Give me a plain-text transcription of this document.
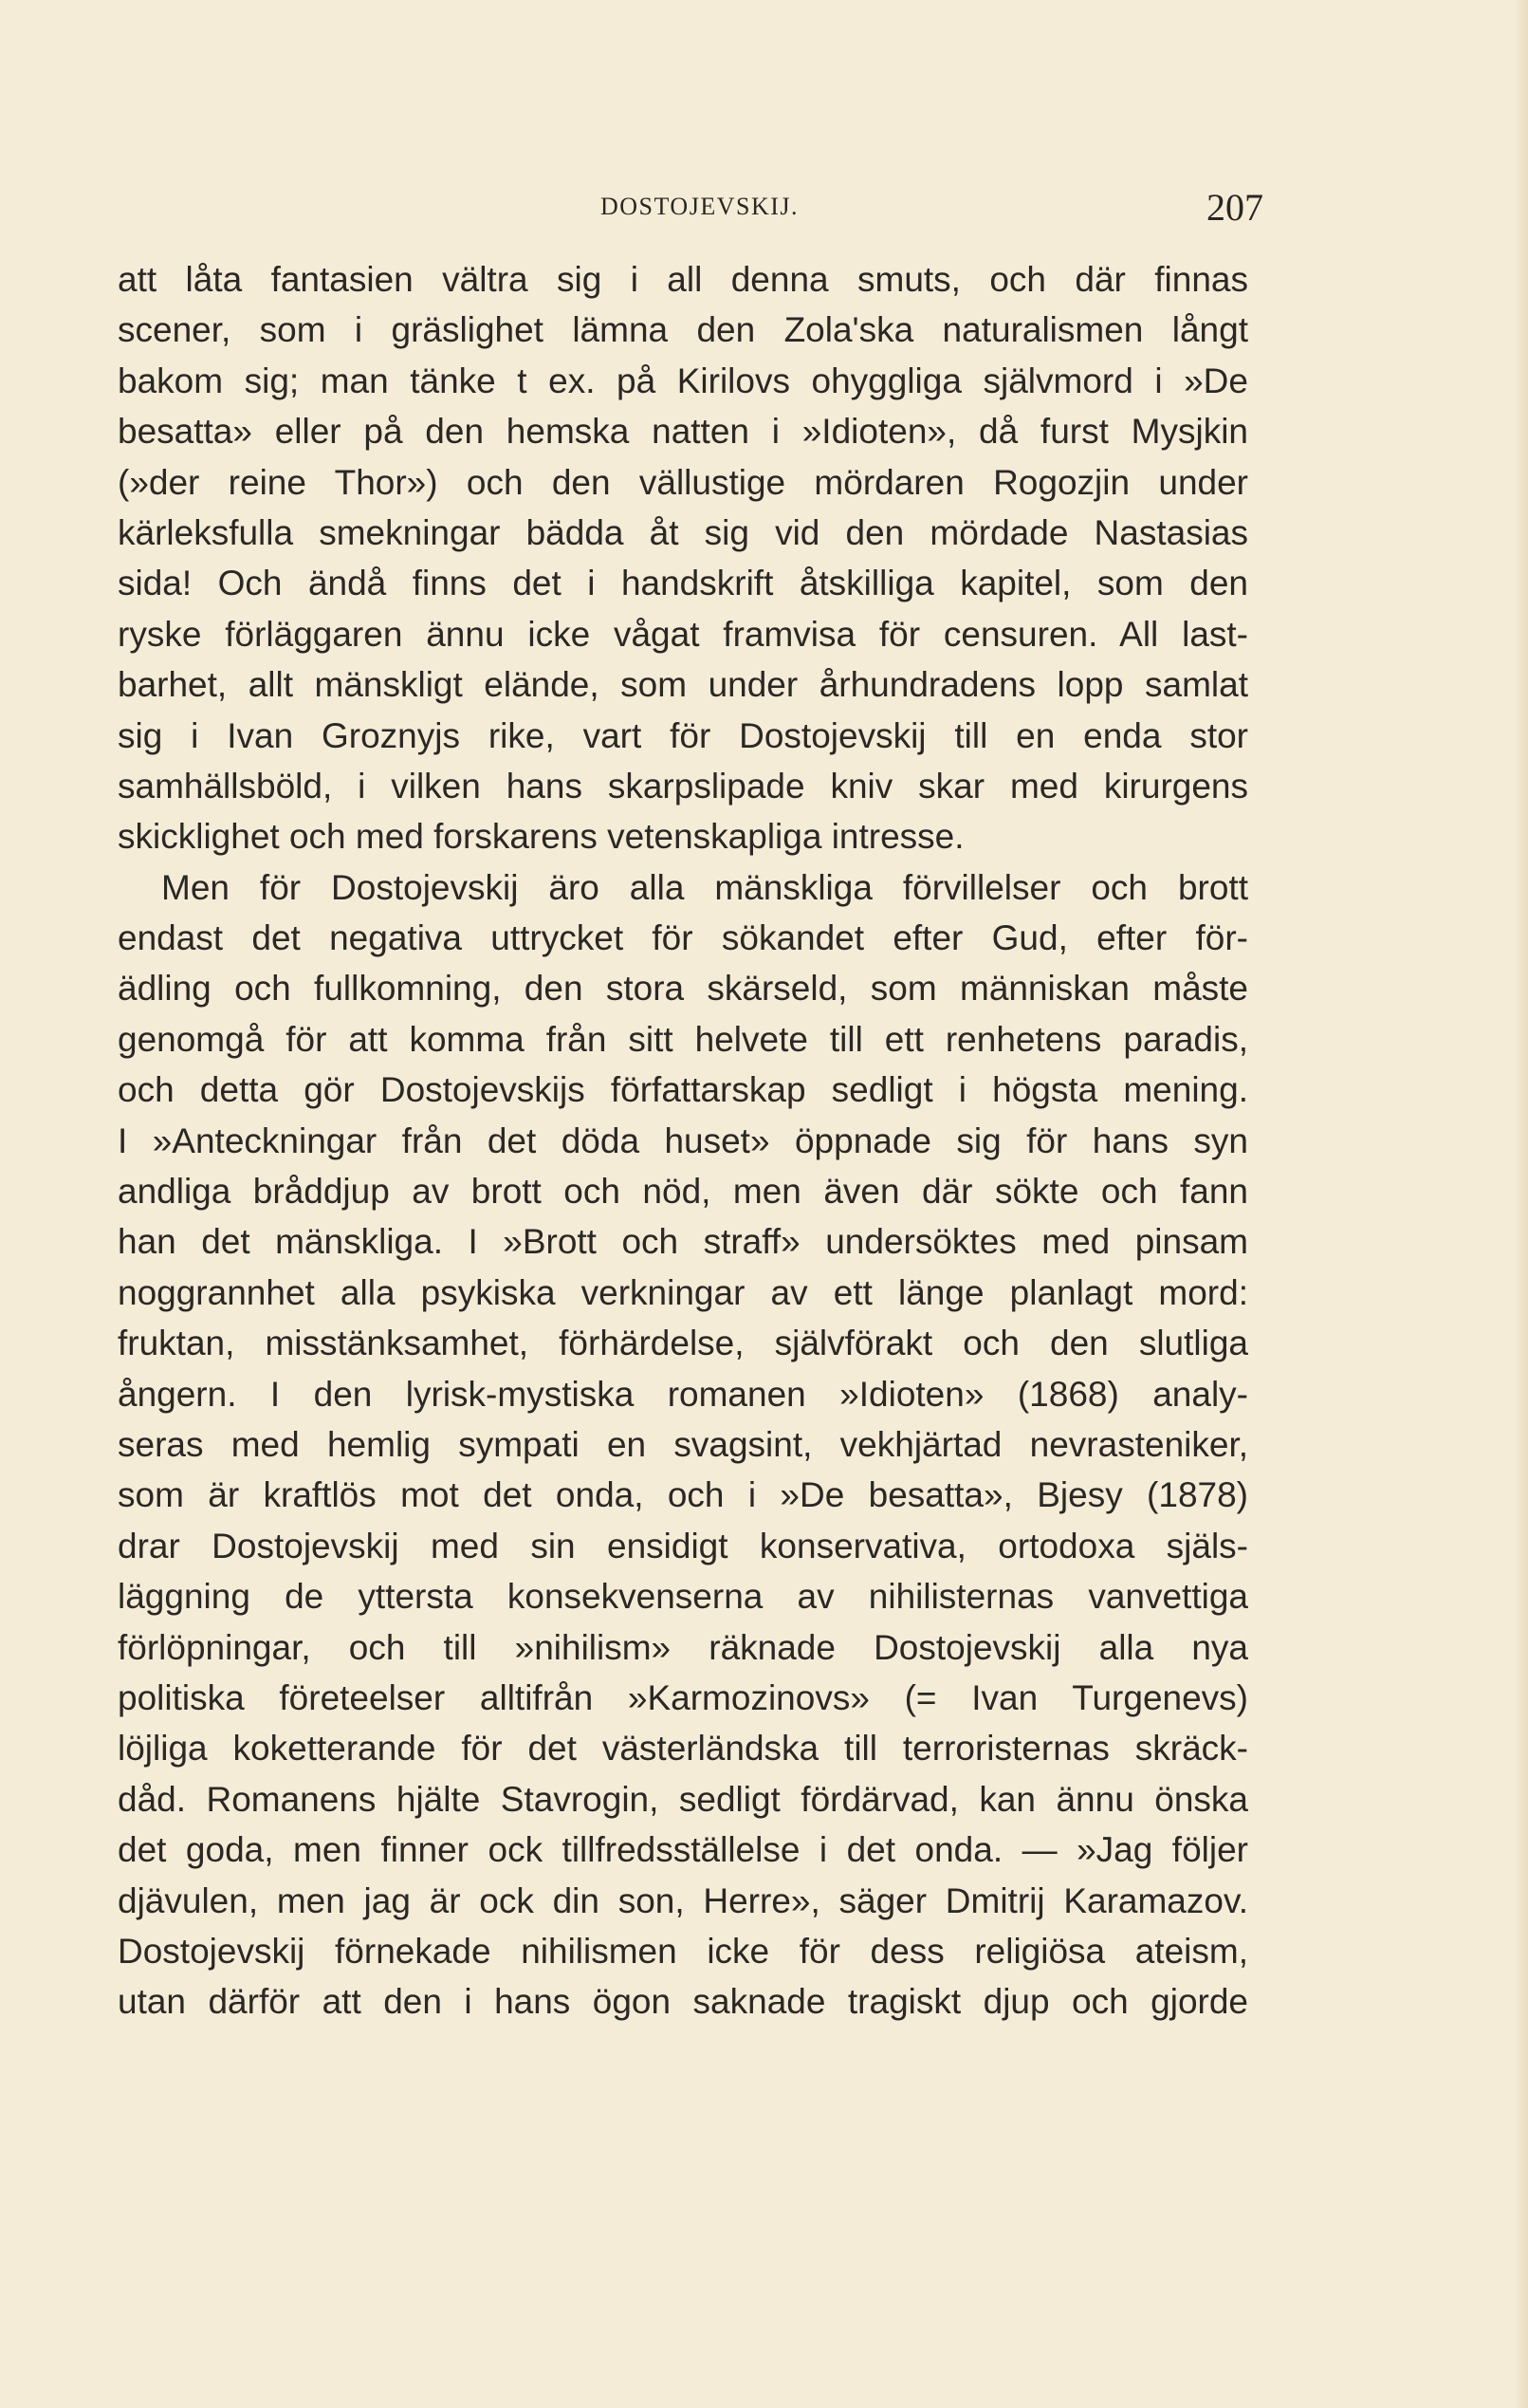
DOSTOJEVSKIJ.	207
att låta fantasien vältra sig i all denna smuts, och där finnas
scener, som i gräslighet lämna den Zola'ska naturalismen långt
bakom sig; man tänke t ex. på Kirilovs ohyggliga självmord i »De
besatta» eller på den hemska natten i »Idioten», då furst Mysjkin
(»der reine Thor») och den vällustige mördaren Rogozjin under
kärleksfulla smekningar bädda åt sig vid den mördade Nastasias
sida! Och ändå finns det i handskrift åtskilliga kapitel, som den
ryske förläggaren ännu icke vågat framvisa för censuren. All last-
barhet, allt mänskligt elände, som under århundradens lopp samlat
sig i Ivan Groznyjs rike, vart för Dostojevskij till en enda stor
samhällsböld, i vilken hans skarpslipade kniv skar med kirurgens
skicklighet och med forskarens vetenskapliga intresse.
Men för Dostojevskij äro alla mänskliga förvillelser och brott
endast det negativa uttrycket för sökandet efter Gud, efter för-
ädling och fullkomning, den stora skärseld, som människan måste
genomgå för att komma från sitt helvete till ett renhetens paradis,
och detta gör Dostojevskijs författarskap sedligt i högsta mening.
I »Anteckningar från det döda huset» öppnade sig för hans syn
andliga bråddjup av brott och nöd, men även där sökte och fann
han det mänskliga. I »Brott och straff» undersöktes med pinsam
noggrannhet alla psykiska verkningar av ett länge planlagt mord:
fruktan, misstänksamhet, förhärdelse, självförakt och den slutliga
ångern. I den lyrisk-mystiska romanen »Idioten» (1868) analy-
seras med hemlig sympati en svagsint, vekhjärtad nevrasteniker,
som är kraftlös mot det onda, och i »De besatta», Bjesy (1878)
drar Dostojevskij med sin ensidigt konservativa, ortodoxa själs-
läggning de yttersta konsekvenserna av nihilisternas vanvettiga
förlöpningar, och till »nihilism» räknade Dostojevskij alla nya
politiska företeelser alltifrån »Karmozinovs» (= Ivan Turgenevs)
löjliga koketterande för det västerländska till terroristernas skräck-
dåd. Romanens hjälte Stavrogin, sedligt fördärvad, kan ännu önska
det goda, men finner ock tillfredsställelse i det onda. — »Jag följer
djävulen, men jag är ock din son, Herre», säger Dmitrij Karamazov.
Dostojevskij förnekade nihilismen icke för dess religiösa ateism,
utan därför att den i hans ögon saknade tragiskt djup och gjorde
